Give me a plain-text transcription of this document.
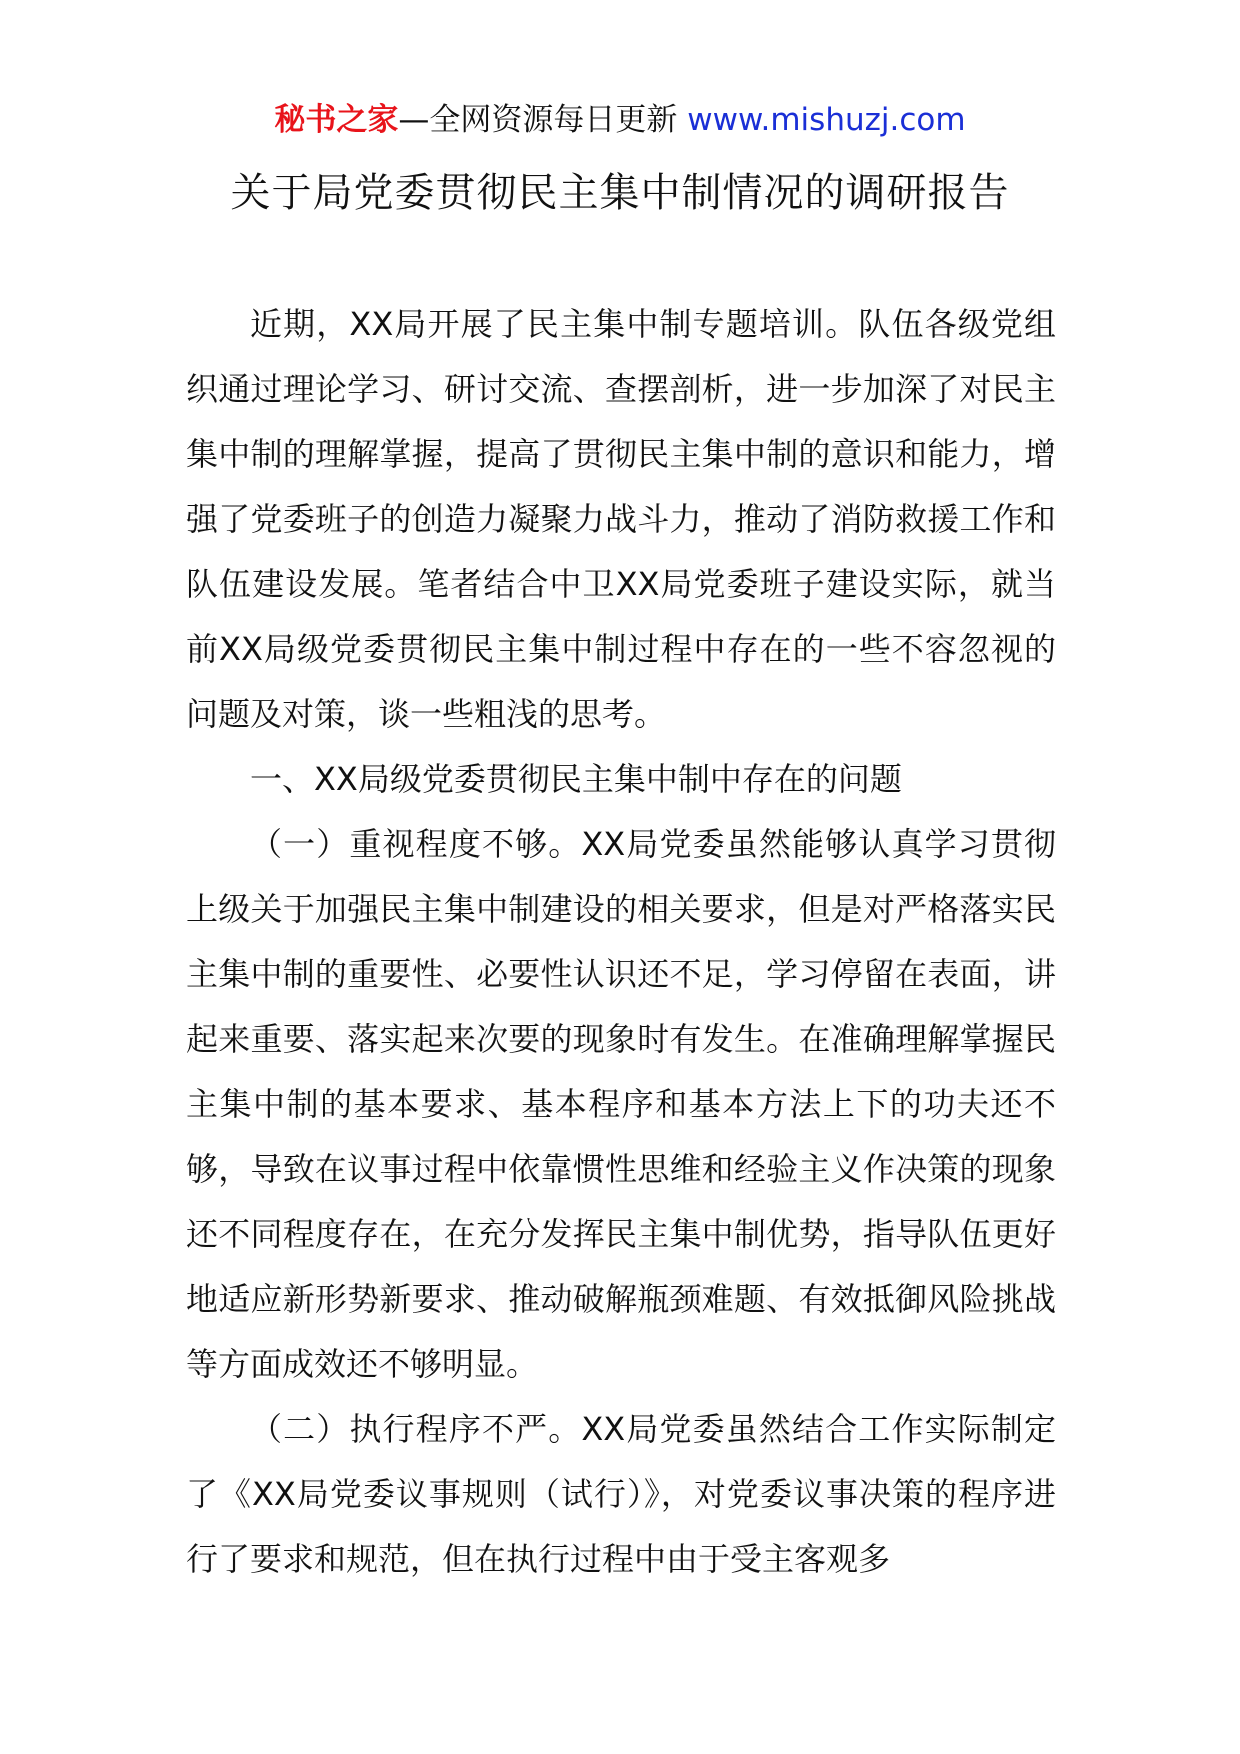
秘书之家—全网资源每日更新 www.mishuzj.com
关于局党委贯彻民主集中制情况的调研报告

近期，XX局开展了民主集中制专题培训。队伍各级党组织通过理论学习、研讨交流、查摆剖析，进一步加深了对民主集中制的理解掌握，提高了贯彻民主集中制的意识和能力，增强了党委班子的创造力凝聚力战斗力，推动了消防救援工作和队伍建设发展。笔者结合中卫XX局党委班子建设实际，就当前XX局级党委贯彻民主集中制过程中存在的一些不容忽视的问题及对策，谈一些粗浅的思考。

一、XX局级党委贯彻民主集中制中存在的问题

（一）重视程度不够。XX局党委虽然能够认真学习贯彻上级关于加强民主集中制建设的相关要求，但是对严格落实民主集中制的重要性、必要性认识还不足，学习停留在表面，讲起来重要、落实起来次要的现象时有发生。在准确理解掌握民主集中制的基本要求、基本程序和基本方法上下的功夫还不够，导致在议事过程中依靠惯性思维和经验主义作决策的现象还不同程度存在，在充分发挥民主集中制优势，指导队伍更好地适应新形势新要求、推动破解瓶颈难题、有效抵御风险挑战等方面成效还不够明显。

（二）执行程序不严。XX局党委虽然结合工作实际制定了《XX局党委议事规则（试行）》，对党委议事决策的程序进行了要求和规范，但在执行过程中由于受主客观多
